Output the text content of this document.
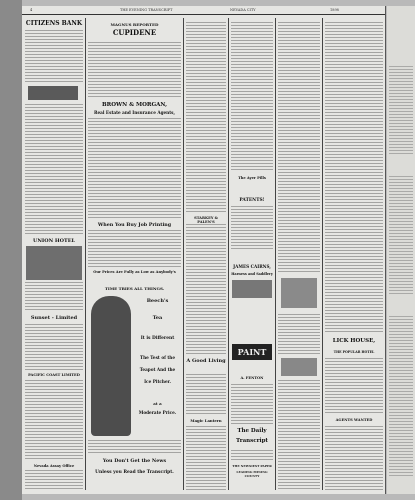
4	THE EVENING TRANSCRIPT	NEVADA CITY	1898
CITIZENS BANK
UNION HOTEL
Sunset - Limited
PACIFIC COAST LIMITED
Nevada Assay Office
MAGNUS REPORTED
CUPIDENE
BROWN & MORGAN,
Real Estate and Insurance Agents,
When You Buy Job Printing
Our Prices Are Fully as Low as Anybody's
TIME TRIES ALL THINGS.
Beech's
Tea
It is Different
The Test of the
Teapot And the
Ice Pitcher.
at a
Moderate Price.
You Don't Get the News
Unless you Read the Transcript.
STARKEY & PALEN'S
A Good Living
Magic Lantern
The Ayer Pills
PATENTS!
JAMES CAIRNS,
Harness and Saddlery
PAINT
A. FENTON
The Daily
Transcript
THE NEWSIEST PAPER
LEADING MINING COUNTY
LICK HOUSE,
THE POPULAR HOTEL
AGENTS WANTED
